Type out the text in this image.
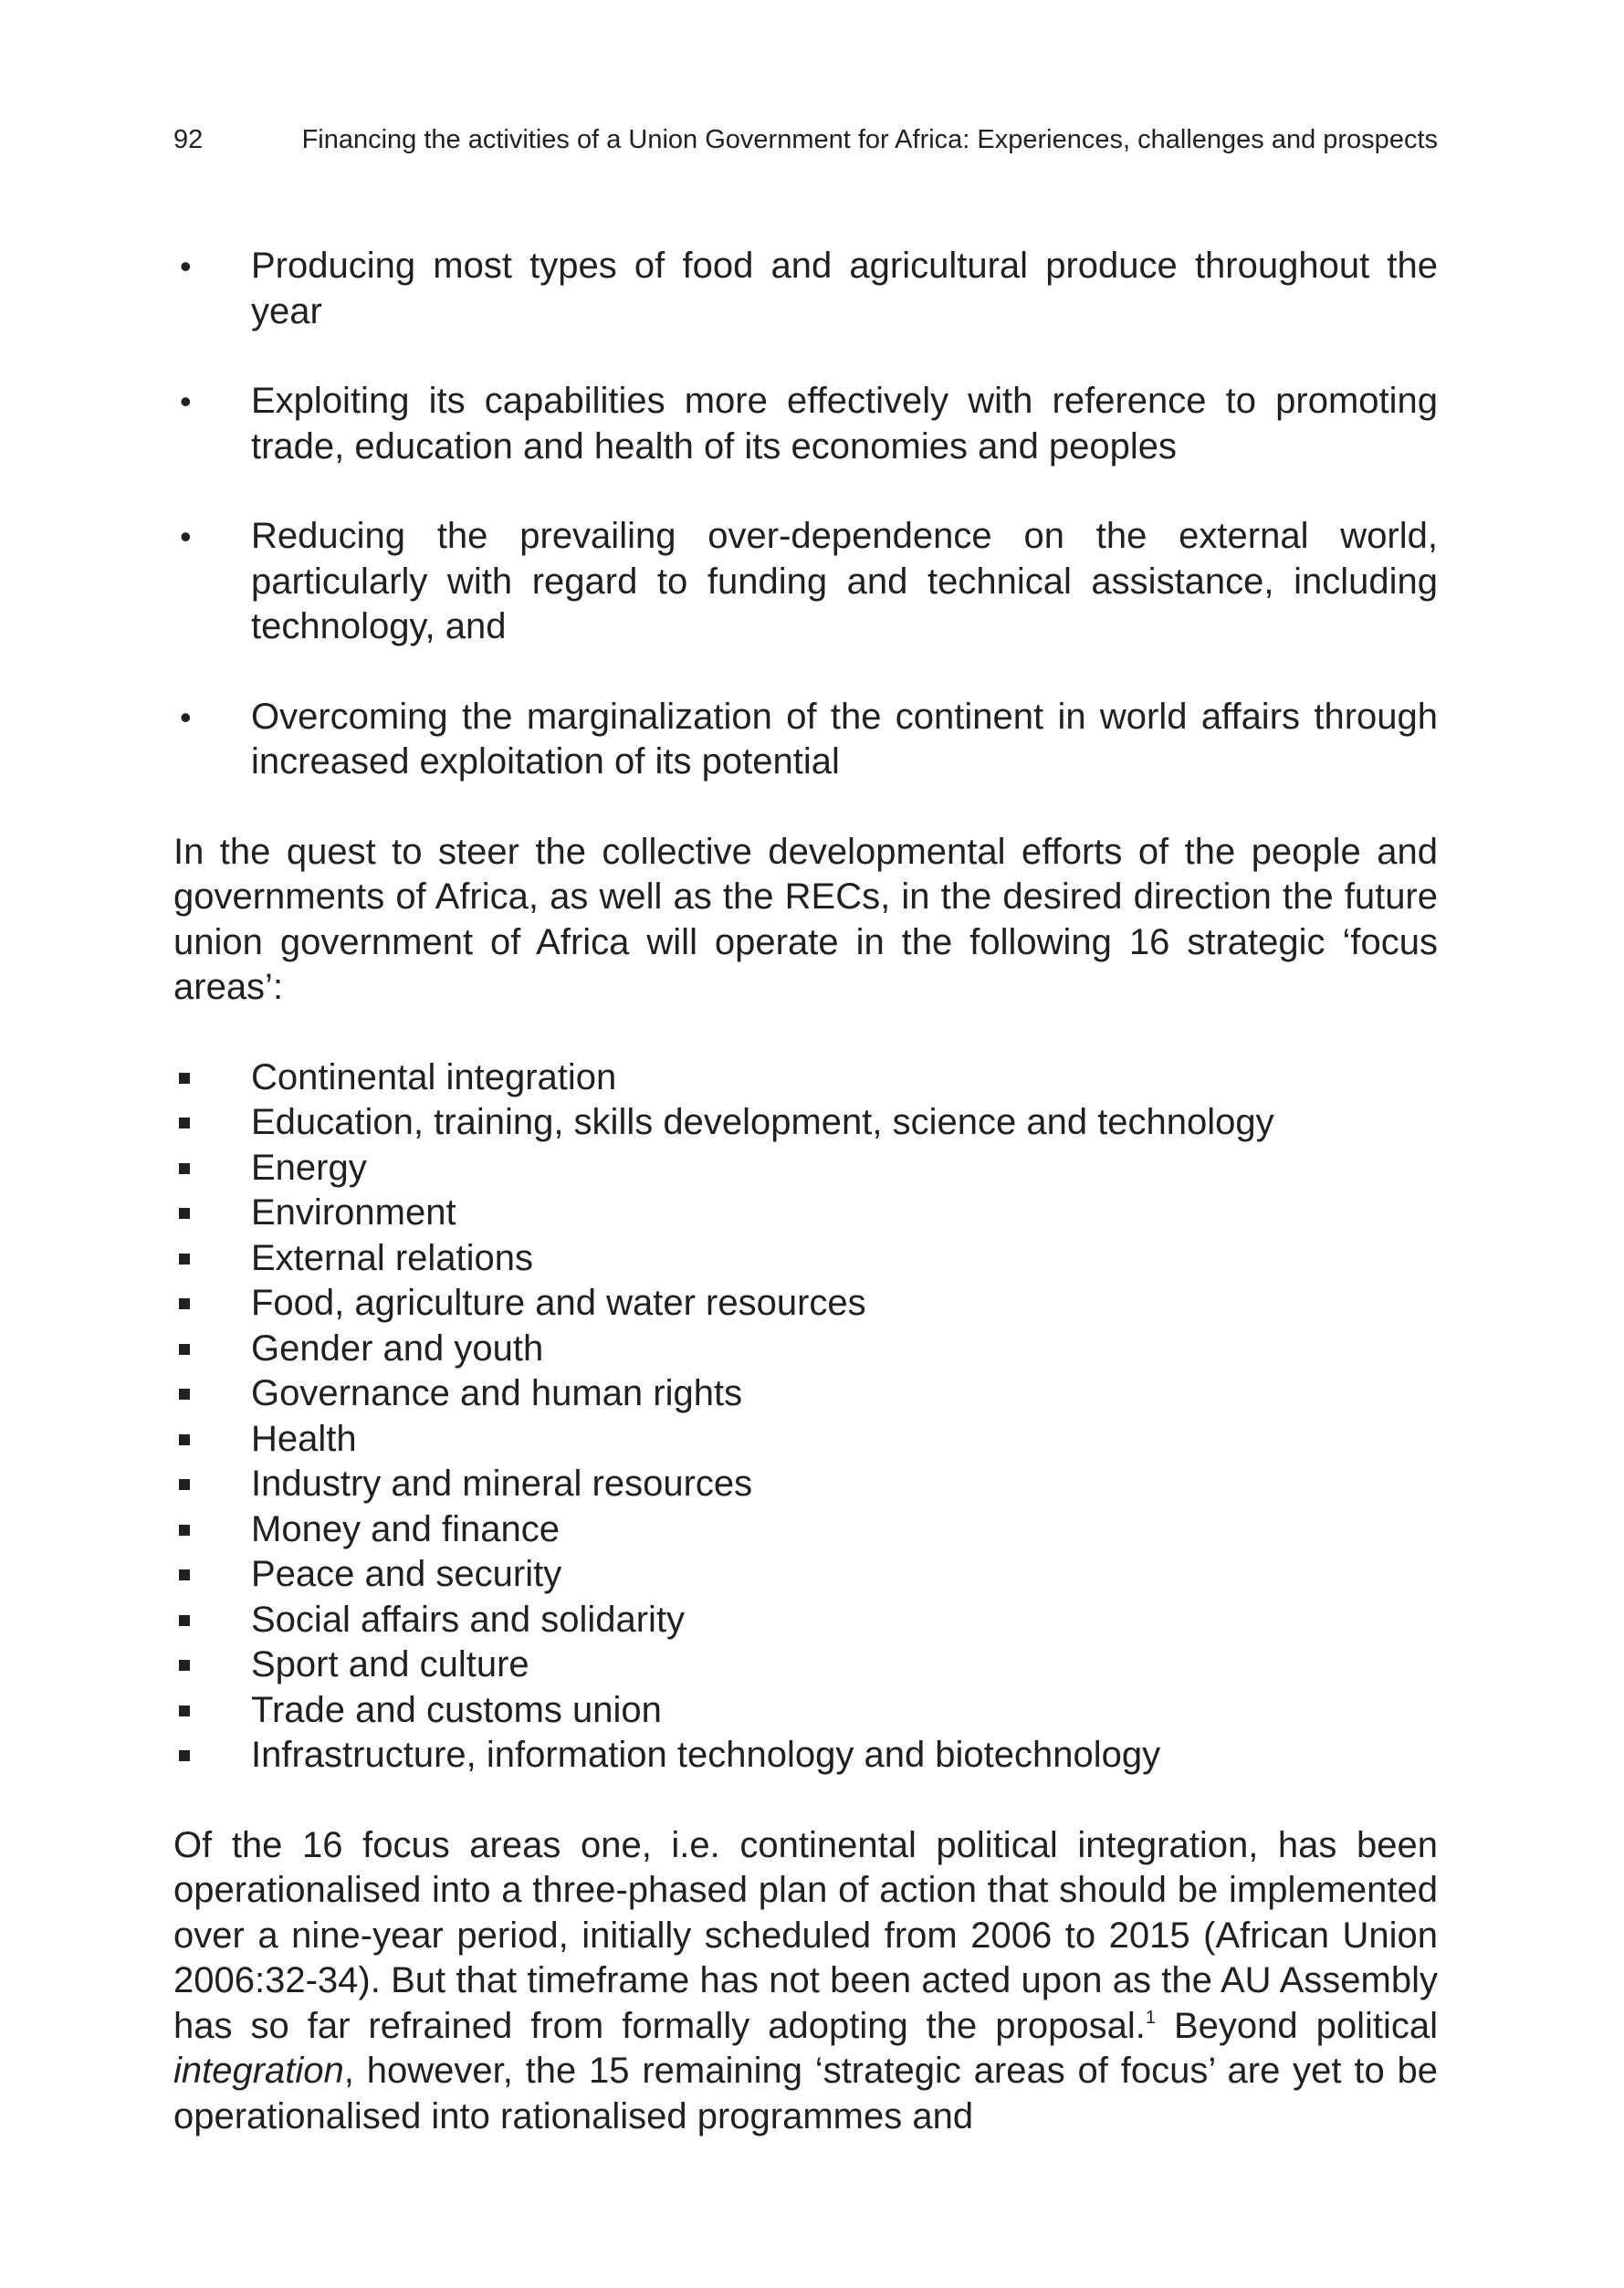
92	Financing the activities of a Union Government for Africa: Experiences, challenges and prospects
• Producing most types of food and agricultural produce throughout the year
• Exploiting its capabilities more effectively with reference to promoting trade, education and health of its economies and peoples
• Reducing the prevailing over-dependence on the external world, particularly with regard to funding and technical assistance, including technology, and
• Overcoming the marginalization of the continent in world affairs through increased exploitation of its potential

In the quest to steer the collective developmental efforts of the people and governments of Africa, as well as the RECs, in the desired direction the future union government of Africa will operate in the following 16 strategic ‘focus areas’:

Continental integration
Education, training, skills development, science and technology
Energy
Environment
External relations
Food, agriculture and water resources
Gender and youth
Governance and human rights
Health
Industry and mineral resources
Money and finance
Peace and security
Social affairs and solidarity
Sport and culture
Trade and customs union
Infrastructure, information technology and biotechnology

Of the 16 focus areas one, i.e. continental political integration, has been operationalised into a three-phased plan of action that should be implemented over a nine-year period, initially scheduled from 2006 to 2015 (African Union 2006:32-34). But that timeframe has not been acted upon as the AU Assembly has so far refrained from formally adopting the proposal.$^1$ Beyond political integration, however, the 15 remaining ‘strategic areas of focus’ are yet to be operationalised into rationalised programmes and
